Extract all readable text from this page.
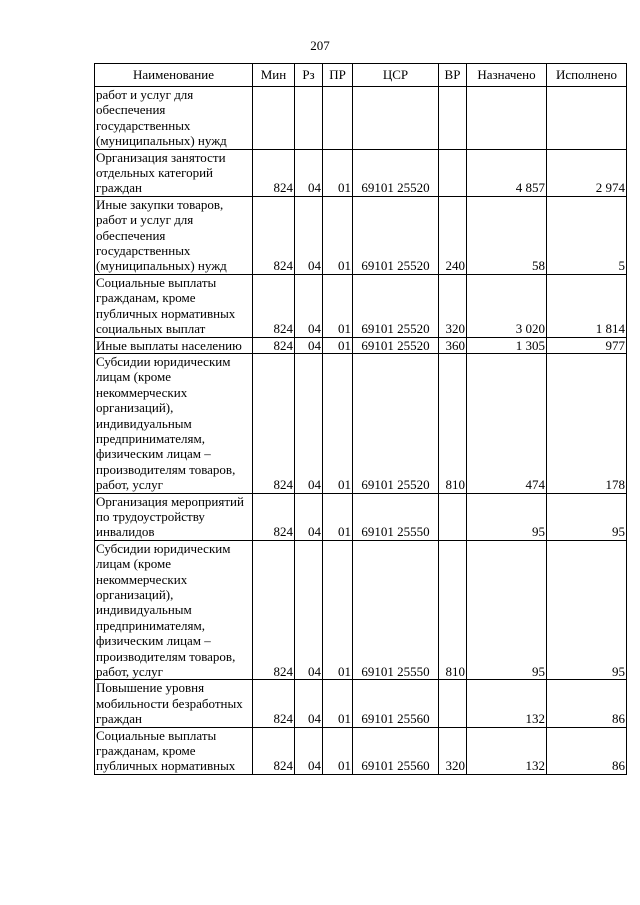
207
Наименование	Мин	Рз	ПР	ЦСР	ВР	Назначено	Исполнено
работ и услуг для обеспечения государственных (муниципальных) нужд							
Организация занятости отдельных категорий граждан	824	04	01	69101 25520		4 857	2 974
Иные закупки товаров, работ и услуг для обеспечения государственных (муниципальных) нужд	824	04	01	69101 25520	240	58	5
Социальные выплаты гражданам, кроме публичных нормативных социальных выплат	824	04	01	69101 25520	320	3 020	1 814
Иные выплаты населению	824	04	01	69101 25520	360	1 305	977
Субсидии юридическим лицам (кроме некоммерческих организаций), индивидуальным предпринимателям, физическим лицам – производителям товаров, работ, услуг	824	04	01	69101 25520	810	474	178
Организация мероприятий по трудоустройству инвалидов	824	04	01	69101 25550		95	95
Субсидии юридическим лицам (кроме некоммерческих организаций), индивидуальным предпринимателям, физическим лицам – производителям товаров, работ, услуг	824	04	01	69101 25550	810	95	95
Повышение уровня мобильности безработных граждан	824	04	01	69101 25560		132	86
Социальные выплаты гражданам, кроме публичных нормативных	824	04	01	69101 25560	320	132	86
